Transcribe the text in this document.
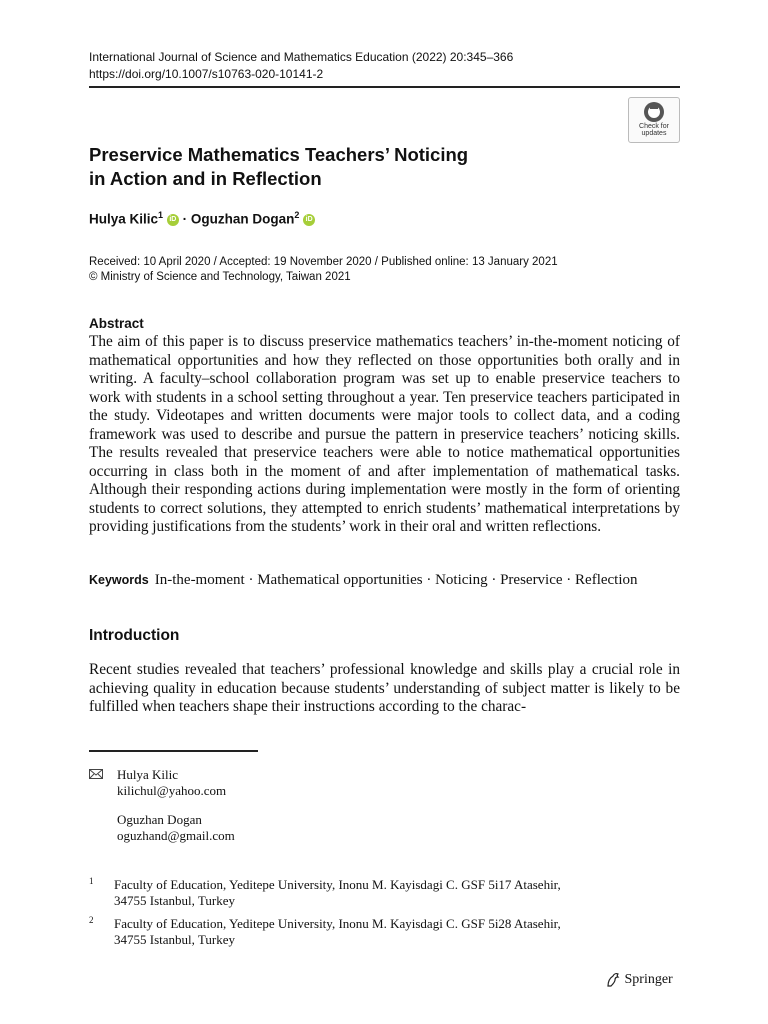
International Journal of Science and Mathematics Education (2022) 20:345–366
https://doi.org/10.1007/s10763-020-10141-2
Check for
updates
Preservice Mathematics Teachers’ Noticing
in Action and in Reflection
Hulya Kilic$^1$ iD · Oguzhan Dogan$^2$ iD
Received: 10 April 2020 / Accepted: 19 November 2020 / Published online: 13 January 2021
© Ministry of Science and Technology, Taiwan 2021
Abstract
The aim of this paper is to discuss preservice mathematics teachers’ in-the-moment noticing of mathematical opportunities and how they reflected on those opportunities both orally and in writing. A faculty–school collaboration program was set up to enable preservice teachers to work with students in a school setting throughout a year. Ten preservice teachers participated in the study. Videotapes and written documents were major tools to collect data, and a coding framework was used to describe and pursue the pattern in preservice teachers’ noticing skills. The results revealed that preservice teachers were able to notice mathematical opportunities occurring in class both in the moment of and after implementation of mathematical tasks. Although their responding actions during implementation were mostly in the form of orienting students to correct solutions, they attempted to enrich students’ mathematical interpretations by providing justifications from the students’ work in their oral and written reflections.
Keywords In-the-moment · Mathematical opportunities · Noticing · Preservice · Reflection
Introduction
Recent studies revealed that teachers’ professional knowledge and skills play a crucial role in achieving quality in education because students’ understanding of subject matter is likely to be fulfilled when teachers shape their instructions according to the charac-
Hulya Kilic
kilichul@yahoo.com
Oguzhan Dogan
oguzhand@gmail.com
1	Faculty of Education, Yeditepe University, Inonu M. Kayisdagi C. GSF 5i17 Atasehir,
34755 Istanbul, Turkey
2	Faculty of Education, Yeditepe University, Inonu M. Kayisdagi C. GSF 5i28 Atasehir,
34755 Istanbul, Turkey
Springer
